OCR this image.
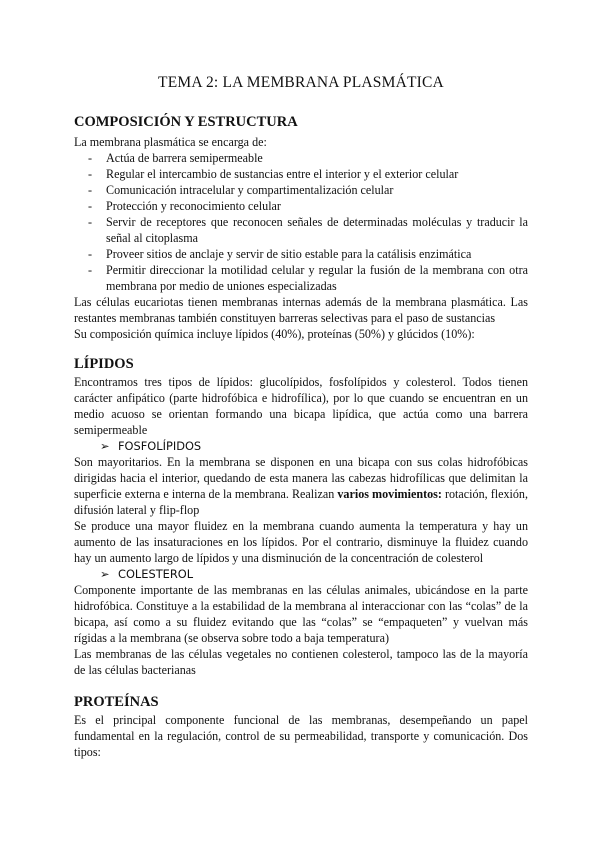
TEMA 2: LA MEMBRANA PLASMÁTICA
COMPOSICIÓN Y ESTRUCTURA
La membrana plasmática se encarga de:
- Actúa de barrera semipermeable
- Regular el intercambio de sustancias entre el interior y el exterior celular
- Comunicación intracelular y compartimentalización celular
- Protección y reconocimiento celular
- Servir de receptores que reconocen señales de determinadas moléculas y traducir la señal al citoplasma
- Proveer sitios de anclaje y servir de sitio estable para la catálisis enzimática
- Permitir direccionar la motilidad celular y regular la fusión de la membrana con otra membrana por medio de uniones especializadas
Las células eucariotas tienen membranas internas además de la membrana plasmática. Las restantes membranas también constituyen barreras selectivas para el paso de sustancias
Su composición química incluye lípidos (40%), proteínas (50%) y glúcidos (10%):
LÍPIDOS
Encontramos tres tipos de lípidos: glucolípidos, fosfolípidos y colesterol. Todos tienen carácter anfipático (parte hidrofóbica e hidrofílica), por lo que cuando se encuentran en un medio acuoso se orientan formando una bicapa lipídica, que actúa como una barrera semipermeable
➢ FOSFOLÍPIDOS
Son mayoritarios. En la membrana se disponen en una bicapa con sus colas hidrofóbicas dirigidas hacia el interior, quedando de esta manera las cabezas hidrofílicas que delimitan la superficie externa e interna de la membrana. Realizan varios movimientos: rotación, flexión, difusión lateral y flip-flop
Se produce una mayor fluidez en la membrana cuando aumenta la temperatura y hay un aumento de las insaturaciones en los lípidos. Por el contrario, disminuye la fluidez cuando hay un aumento largo de lípidos y una disminución de la concentración de colesterol
➢ COLESTEROL
Componente importante de las membranas en las células animales, ubicándose en la parte hidrofóbica. Constituye a la estabilidad de la membrana al interaccionar con las “colas” de la bicapa, así como a su fluidez evitando que las “colas” se “empaqueten” y vuelvan más rígidas a la membrana (se observa sobre todo a baja temperatura)
Las membranas de las células vegetales no contienen colesterol, tampoco las de la mayoría de las células bacterianas
PROTEÍNAS
Es el principal componente funcional de las membranas, desempeñando un papel fundamental en la regulación, control de su permeabilidad, transporte y comunicación. Dos tipos:
